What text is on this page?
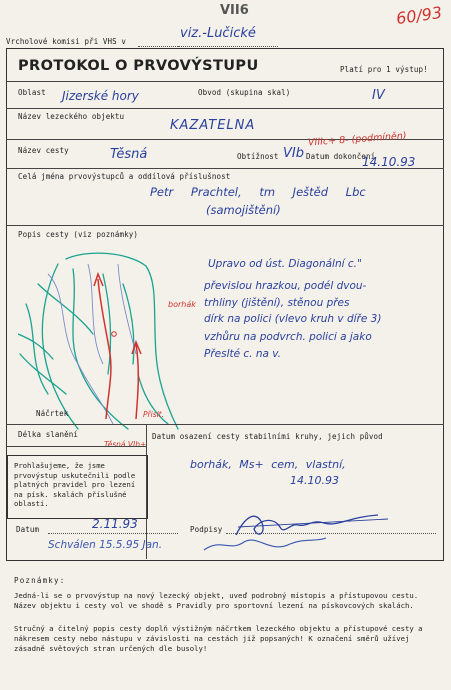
Vrcholové komisi při VHS v
viz.-Lučické
VII6	60/93
PROTOKOL O PRVOVÝSTUPU	Platí pro 1 výstup!
Oblast Jizerské hory	Obvod (skupina skal)	IV
Název lezeckého objektu
KAZATELNA
Název cesty	Těsná	Obtížnost VIb
VIIIc+ 8- (podmíněn)
Datum dokončení
14.10.93
Celá jména prvovýstupců a oddílová příslušnost
Petr Prachtel, tm Ještěd Lbc
(samojištění)
Popis cesty (viz poznámky)
borhák
Těsná VIb+
Přislt.
Upravo od úst. Diagonální c."
převislou hrazkou, podél dvou-
trhliny (jištění), stěnou přes
dírk na polici (vlevo kruh v díře 3)
vzhůru na podvrch. polici a jako
Přeslté c. na v.
Náčrtek
Délka slanění	Datum osazení cesty stabilními kruhy, jejich původ
borhák, Ms+ cem, vlastní,
14.10.93
Prohlašujeme, že jsme prvovýstup uskutečnili podle platných pravidel pro lezení na písk. skalách příslušné oblasti.
Datum	2.11.93	Podpisy
Schválen 15.5.95 Jan.
Poznámky:
Jedná-li se o prvovýstup na nový lezecký objekt, uveď podrobný místopis a přístupovou cestu. Název objektu i cesty vol ve shodě s Pravidly pro sportovní lezení na pískovcových skalách.
Stručný a čitelný popis cesty doplň výstižným náčrtkem lezeckého objektu a přístupové cesty a nákresem cesty nebo nástupu v závislosti na cestách již popsaných! K označení směrů užívej zásadně světových stran určených dle busoly!
